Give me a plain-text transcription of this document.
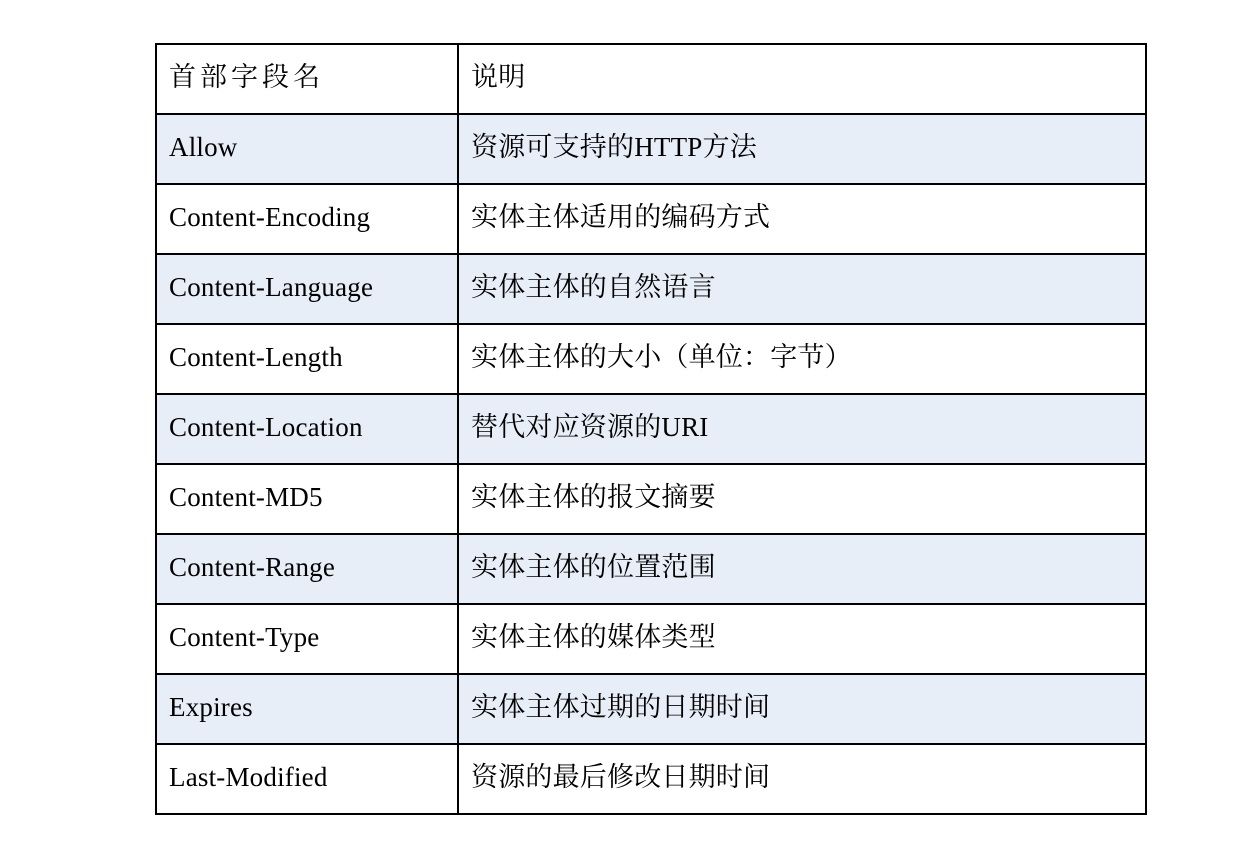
首部字段名	说明
Allow	资源可支持的HTTP方法
Content-Encoding	实体主体适用的编码方式
Content-Language	实体主体的自然语言
Content-Length	实体主体的大小（单位：字节）
Content-Location	替代对应资源的URI
Content-MD5	实体主体的报文摘要
Content-Range	实体主体的位置范围
Content-Type	实体主体的媒体类型
Expires	实体主体过期的日期时间
Last-Modified	资源的最后修改日期时间
